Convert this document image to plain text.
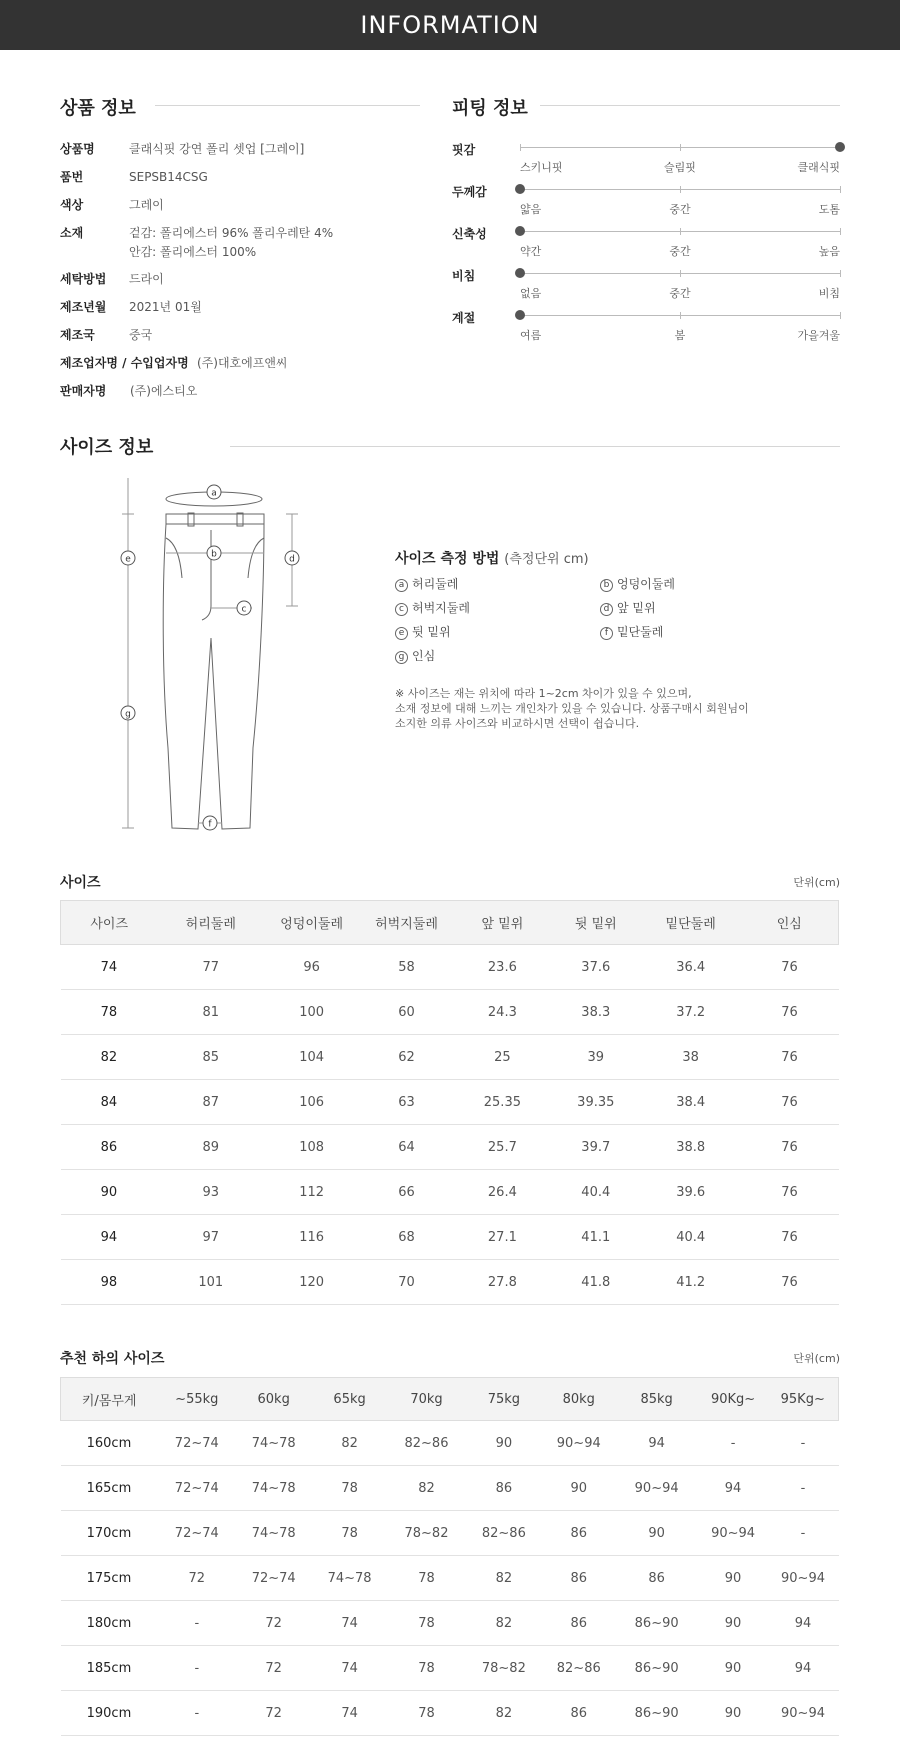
INFORMATION
상품 정보
상품명	클래식핏 강연 폴리 셋업 [그레이]
품번	SEPSB14CSG
색상	그레이
소재	겉감: 폴리에스터 96% 폴리우레탄 4%
안감: 폴리에스터 100%
세탁방법 드라이
제조년월 2021년 01월
제조국	중국
제조업자명 / 수입업자명 (주)대호에프앤씨
판매자명 (주)에스티오
피팅 정보
핏감
스키니핏	슬림핏	클래식핏
두께감
얇음	중간	도톰
신축성
약간	중간	높음
비침
없음	중간	비침
계절
여름	봄	가을겨울
사이즈 정보
a
b
c
d
e
f
g
사이즈 측정 방법 (측정단위 cm)
a 허리둘레	b 엉덩이둘레
c 허벅지둘레	d 앞 밑위
e 뒷 밑위	f 밑단둘레
g 인심

※ 사이즈는 재는 위치에 따라 1~2cm 차이가 있을 수 있으며,

소재 정보에 대해 느끼는 개인차가 있을 수 있습니다. 상품구매시 회원님이

소지한 의류 사이즈와 비교하시면 선택이 쉽습니다.

사이즈	단위(cm)
사이즈	허리둘레	엉덩이둘레	허벅지둘레	앞 밑위	뒷 밑위	밑단둘레	인심
74	77	96	58	23.6	37.6	36.4	76
78	81	100	60	24.3	38.3	37.2	76
82	85	104	62	25	39	38	76
84	87	106	63	25.35	39.35	38.4	76
86	89	108	64	25.7	39.7	38.8	76
90	93	112	66	26.4	40.4	39.6	76
94	97	116	68	27.1	41.1	40.4	76
98	101	120	70	27.8	41.8	41.2	76
추천 하의 사이즈	단위(cm)
키/몸무게	~55kg	60kg	65kg	70kg	75kg	80kg	85kg	90Kg~	95Kg~
160cm	72~74	74~78	82	82~86	90	90~94	94	-	-
165cm	72~74	74~78	78	82	86	90	90~94	94	-
170cm	72~74	74~78	78	78~82	82~86	86	90	90~94	-
175cm	72	72~74	74~78	78	82	86	86	90	90~94
180cm	-	72	74	78	82	86	86~90	90	94
185cm	-	72	74	78	78~82	82~86	86~90	90	94
190cm	-	72	74	78	82	86	86~90	90	90~94
